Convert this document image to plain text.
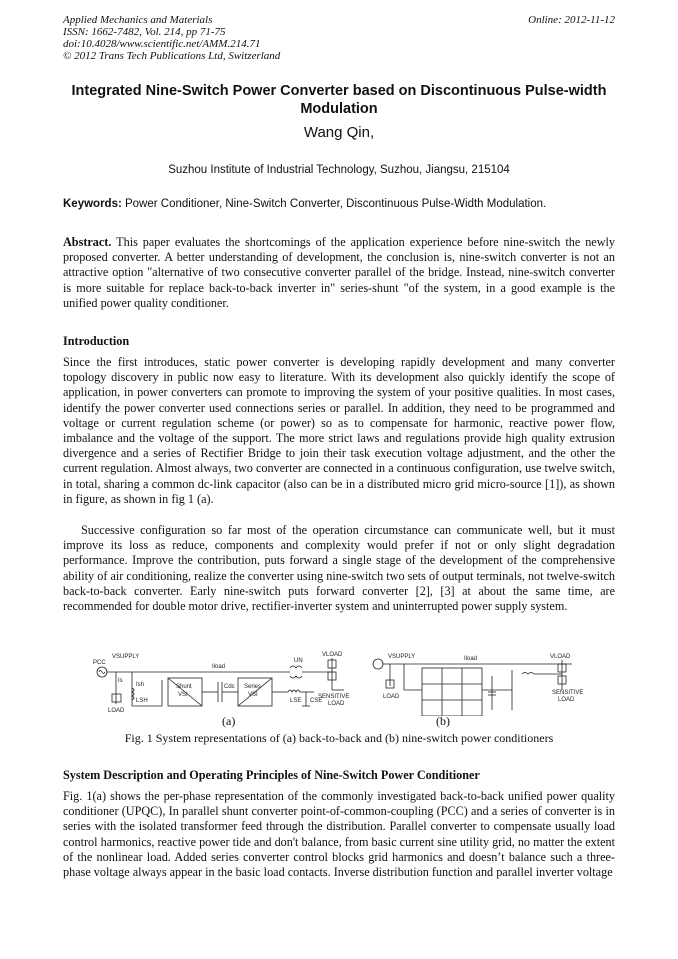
Applied Mechanics and Materials
ISSN: 1662-7482, Vol. 214, pp 71-75
doi:10.4028/www.scientific.net/AMM.214.71
© 2012 Trans Tech Publications Ltd, Switzerland
Online: 2012-11-12
Integrated Nine-Switch Power Converter based on Discontinuous Pulse-width Modulation
Wang Qin,
Suzhou Institute of Industrial Technology, Suzhou, Jiangsu, 215104
Keywords: Power Conditioner, Nine-Switch Converter, Discontinuous Pulse-Width Modulation.
Abstract. This paper evaluates the shortcomings of the application experience before nine-switch the newly proposed converter. A better understanding of development, the conclusion is, nine-switch converter is not an attractive option "alternative of two consecutive converter parallel of the bridge. Instead, nine-switch converter is more suitable for replace back-to-back inverter in" series-shunt "of the system, in a good example is the unified power quality conditioner.
Introduction
Since the first introduces, static power converter is developing rapidly development and many converter topology discovery in public now easy to literature. With its development also quickly identify the scope of application, in power converters can promote to improving the system of your positive qualities. In most cases, identify the power converter used connections series or parallel. In addition, they need to be programmed and voltage or current regulation scheme (or power) so as to compensate for harmonic, reactive power flow, imbalance and the voltage of the support. The more strict laws and regulations provide high quality extrusion divergence and a series of Rectifier Bridge to join their task execution voltage adjustment, and the other the current regulation. Almost always, two converter are connected in a continuous configuration, use twelve switch, in total, sharing a common dc-link capacitor (also can be in a distributed micro grid micro-source [1]), as shown in figure, as shown in fig 1 (a).
Successive configuration so far most of the operation circumstance can communicate well, but it must improve its loss as reduce, components and complexity would prefer if not or only slight degradation performance. Improve the contribution, puts forward a single stage of the development of the comprehensive ability of air conditioning, realize the converter using nine-switch two sets of output terminals, not twelve-switch back-to-back converter. Early nine-switch puts forward converter [2], [3] at about the same time, are recommended for double motor drive, rectifier-inverter system and uninterrupted power supply system.
VSUPPLY
PCC
Iload
Is
Ish
LSH
LOAD
Shunt
VSI
Cdc Series
VSI
LSE CSE
UN
VLOAD
SENSITIVE
LOAD
VSUPPLY	Iload	VLOAD
LOAD
SENSITIVE
LOAD
(a)	(b)
Fig. 1 System representations of (a) back-to-back and (b) nine-switch power conditioners
System Description and Operating Principles of Nine-Switch Power Conditioner
Fig. 1(a) shows the per-phase representation of the commonly investigated back-to-back unified power quality conditioner (UPQC), In parallel shunt converter point-of-common-coupling (PCC) and a series of converter is in series with the isolated transformer feed through the distribution. Parallel converter to compensate usually load control harmonics, reactive power tide and don't balance, from basic current sine utility grid, no matter the extent of the nonlinear load. Added series converter control blocks grid harmonics and doesn’t balance such a three-phase voltage always appear in the basic load contacts. Inverse distribution function and parallel inverter voltage
